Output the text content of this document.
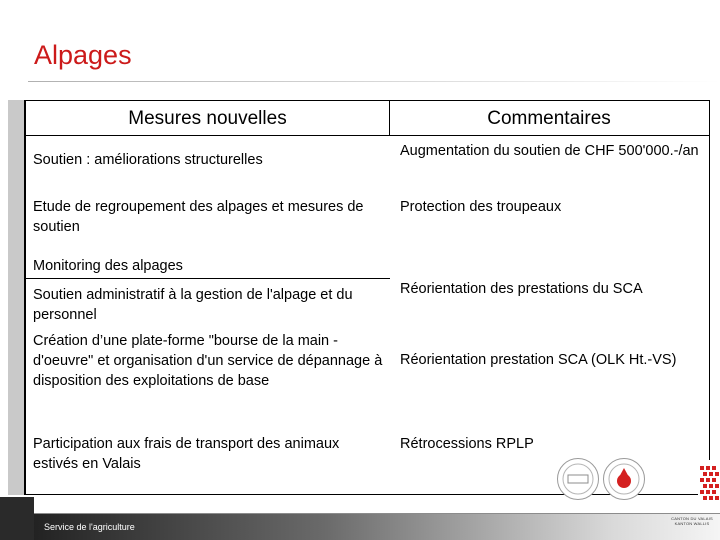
Alpages
Mesures nouvelles	Commentaires
Soutien : améliorations structurelles
Augmentation du soutien de CHF 500'000.-/an
Etude de regroupement des alpages et mesures de soutien
Protection des troupeaux
Monitoring des alpages
Soutien administratif à la gestion de l'alpage et du personnel
Réorientation des prestations du SCA
Création d’une plate-forme "bourse de la main -d'oeuvre" et organisation d'un service de dépannage à disposition des exploitations de base
Réorientation prestation SCA (OLK Ht.-VS)
Participation aux frais de transport des animaux estivés en Valais
Rétrocessions RPLP
Service de l'agriculture
CANTON DU VALAIS KANTON WALLIS
